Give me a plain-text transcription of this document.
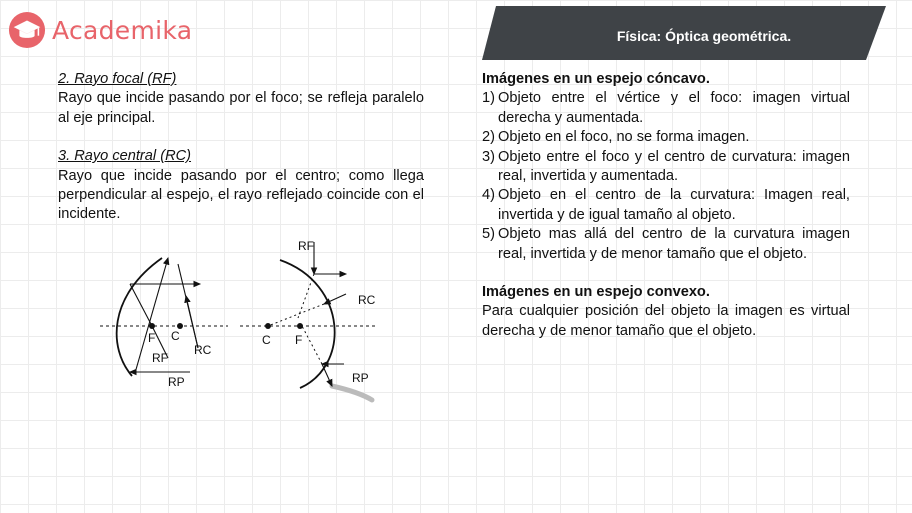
Academika	Física: Óptica geométrica.

2. Rayo focal (RF)

Rayo que incide pasando por el foco; se refleja paralelo al eje principal.

3. Rayo central (RC)

Rayo que incide pasando por el centro; como llega perpendicular al espejo, el rayo reflejado coincide con el incidente.

F C
RC
RF
RP
RF
RC
RP
C F

Imágenes en un espejo cóncavo.

1) Objeto entre el vértice y el foco: imagen virtual derecha y aumentada.
2) Objeto en el foco, no se forma imagen.
3) Objeto entre el foco y el centro de curvatura: imagen real, invertida y aumentada.
4) Objeto en el centro de la curvatura: Imagen real, invertida y de igual tamaño al objeto.
5) Objeto mas allá del centro de la curvatura imagen real, invertida y de menor tamaño que el objeto.

Imágenes en un espejo convexo.

Para cualquier posición del objeto la imagen es virtual derecha y de menor tamaño que el objeto.
